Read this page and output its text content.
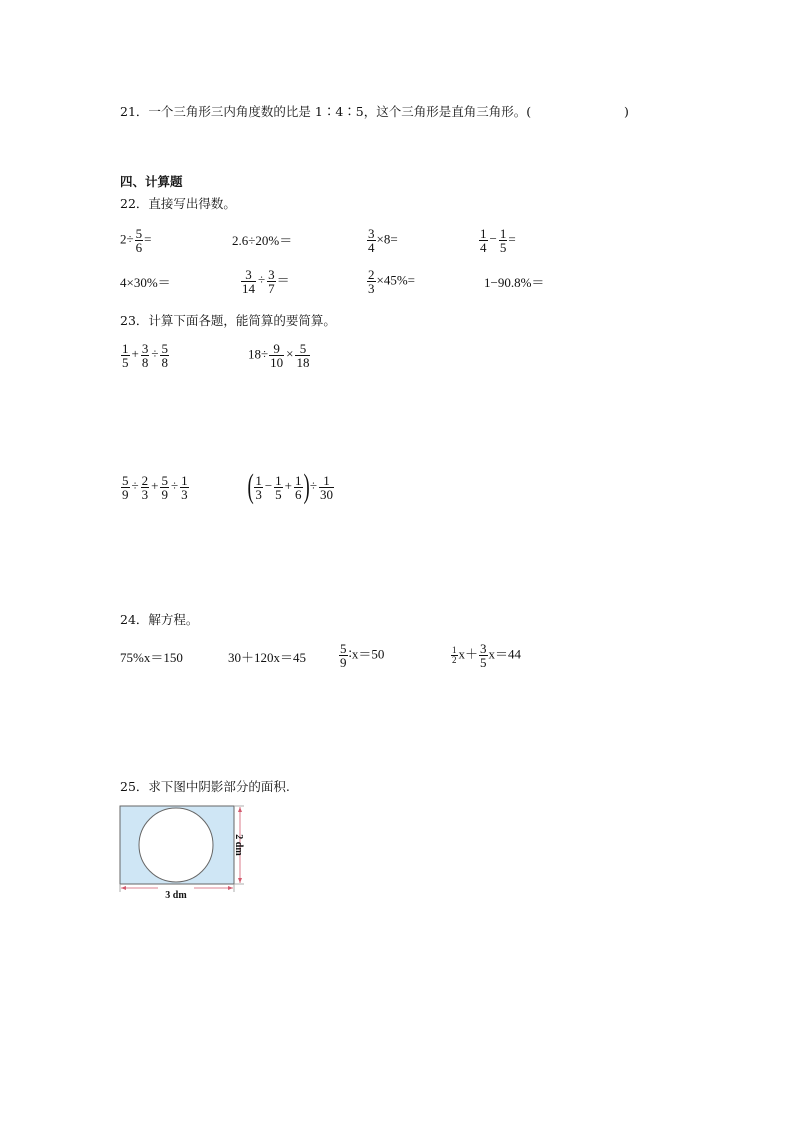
21．一个三角形三内角度数的比是 1∶4∶5，这个三角形是直角三角形。(	)
四、计算题
22．直接写出得数。
$2\div \frac{5}{6}$ =	2.6÷20%＝	$\frac{3}{4} \times 8=$	$\frac{1}{4} - \frac{1}{5}$ =
4×30%＝	$\frac{3}{14} \div \frac{3}{7}$ ＝	$\frac{2}{3} \times 45\%=$	1−90.8%＝
23．计算下面各题，能简算的要简算。
$\frac{1}{5} + \frac{3}{8} \div \frac{5}{8}$	$18\div \frac{9}{10} \times \frac{5}{18}$
$\frac{5}{9} \div \frac{2}{3} + \frac{5}{9} \div \frac{1}{3}$ ( $\frac{1}{3} - \frac{1}{5} + \frac{1}{6}$ )÷ $\frac{1}{30}$
24．解方程。
75%x＝150	30＋120x＝45	$\frac{5}{9}$ ∶x＝50	$\frac{1}{2} x+ \frac{3}{5} x=44$
25．求下图中阴影部分的面积.
2 dm
3 dm
